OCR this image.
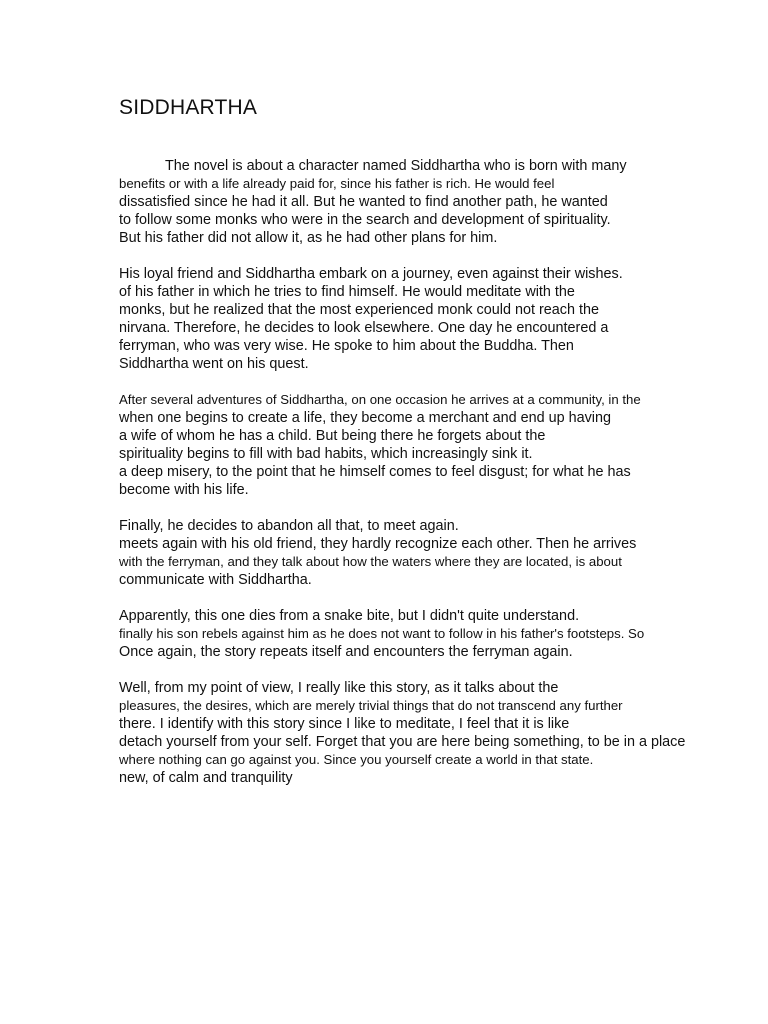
SIDDHARTHA
The novel is about a character named Siddhartha who is born with many
benefits or with a life already paid for, since his father is rich. He would feel
dissatisfied since he had it all. But he wanted to find another path, he wanted
to follow some monks who were in the search and development of spirituality.
But his father did not allow it, as he had other plans for him.
His loyal friend and Siddhartha embark on a journey, even against their wishes.
of his father in which he tries to find himself. He would meditate with the
monks, but he realized that the most experienced monk could not reach the
nirvana. Therefore, he decides to look elsewhere. One day he encountered a
ferryman, who was very wise. He spoke to him about the Buddha. Then
Siddhartha went on his quest.
After several adventures of Siddhartha, on one occasion he arrives at a community, in the
when one begins to create a life, they become a merchant and end up having
a wife of whom he has a child. But being there he forgets about the
spirituality begins to fill with bad habits, which increasingly sink it.
a deep misery, to the point that he himself comes to feel disgust; for what he has
become with his life.
Finally, he decides to abandon all that, to meet again.
meets again with his old friend, they hardly recognize each other. Then he arrives
with the ferryman, and they talk about how the waters where they are located, is about
communicate with Siddhartha.
Apparently, this one dies from a snake bite, but I didn't quite understand.
finally his son rebels against him as he does not want to follow in his father's footsteps. So
Once again, the story repeats itself and encounters the ferryman again.
Well, from my point of view, I really like this story, as it talks about the
pleasures, the desires, which are merely trivial things that do not transcend any further
there. I identify with this story since I like to meditate, I feel that it is like
detach yourself from your self. Forget that you are here being something, to be in a place
where nothing can go against you. Since you yourself create a world in that state.
new, of calm and tranquility
